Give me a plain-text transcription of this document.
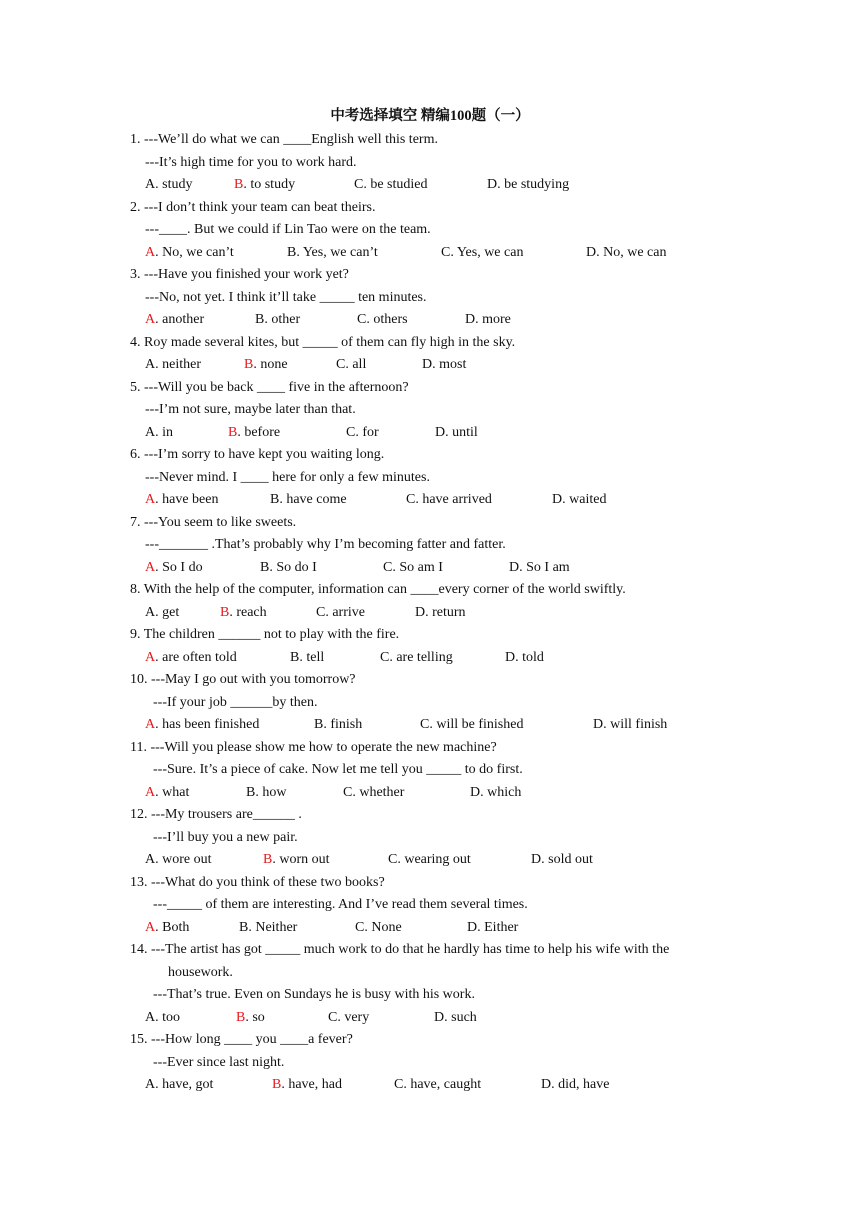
中考选择填空 精编100题（一）
1. ---We’ll do what we can ____English well this term.
---It’s high time for you to work hard.
A. study	B. to study	C. be studied	D. be studying
2. ---I don’t think your team can beat theirs.
---____. But we could if Lin Tao were on the team.
A. No, we can’t	B. Yes, we can’t	C. Yes, we can	D. No, we can
3. ---Have you finished your work yet?
---No, not yet. I think it’ll take _____ ten minutes.
A. another	B. other	C. others	D. more
4. Roy made several kites, but _____ of them can fly high in the sky.
A. neither	B. none	C. all	D. most
5. ---Will you be back ____ five in the afternoon?
---I’m not sure, maybe later than that.
A. in	B. before	C. for	D. until
6. ---I’m sorry to have kept you waiting long.
---Never mind. I ____ here for only a few minutes.
A. have been	B. have come	C. have arrived	D. waited
7. ---You seem to like sweets.
---_______ .That’s probably why I’m becoming fatter and fatter.
A. So I do	B. So do I	C. So am I	D. So I am
8. With the help of the computer, information can ____every corner of the world swiftly.
A. get	B. reach	C. arrive	D. return
9. The children ______ not to play with the fire.
A. are often told	B. tell	C. are telling	D. told
10. ---May I go out with you tomorrow?
---If your job ______by then.
A. has been finished	B. finish	C. will be finished	D. will finish
11. ---Will you please show me how to operate the new machine?
---Sure. It’s a piece of cake. Now let me tell you _____ to do first.
A. what	B. how	C. whether	D. which
12. ---My trousers are______ .
---I’ll buy you a new pair.
A. wore out	B. worn out	C. wearing out	D. sold out
13. ---What do you think of these two books?
---_____ of them are interesting. And I’ve read them several times.
A. Both	B. Neither	C. None	D. Either
14. ---The artist has got _____ much work to do that he hardly has time to help his wife with the
housework.
---That’s true. Even on Sundays he is busy with his work.
A. too	B. so	C. very	D. such
15. ---How long ____ you ____a fever?
---Ever since last night.
A. have, got	B. have, had	C. have, caught	D. did, have
